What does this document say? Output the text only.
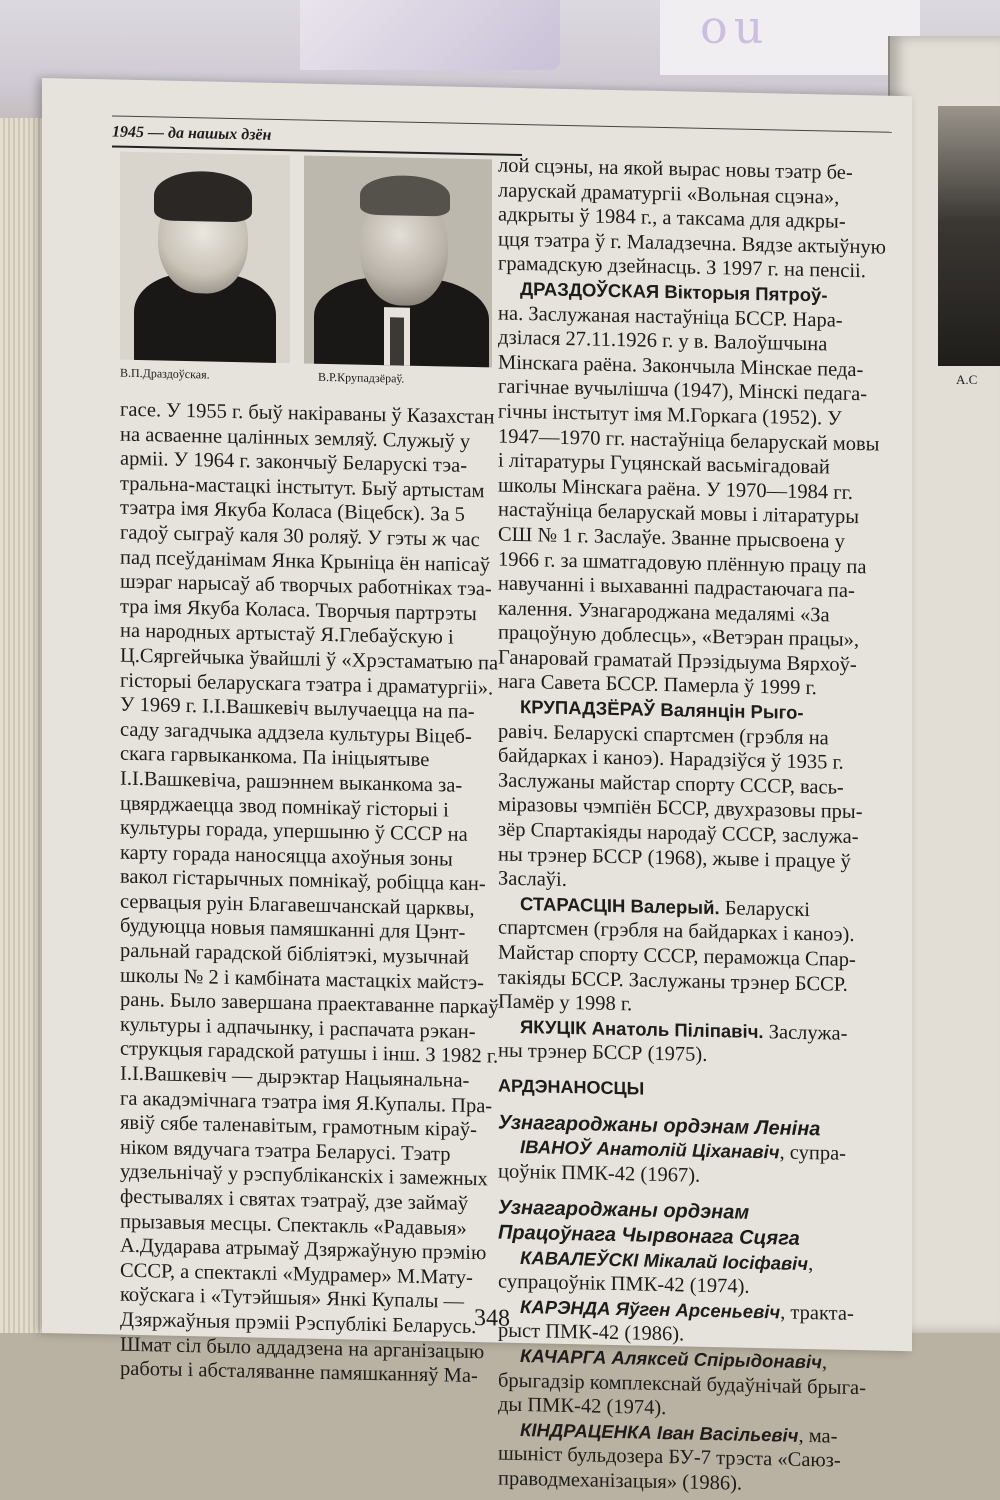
ou
А.С
1945 — да нашых дзён
В.П.Драздоўская.	В.Р.Крупадзёраў.

гасе. У 1955 г. быў накіраваны ў Казахстан

на асваенне цалінных земляў. Служыў у

арміі. У 1964 г. закончыў Беларускі тэа-

тральна-мастацкі інстытут. Быў артыстам

тэатра імя Якуба Коласа (Віцебск). За 5

гадоў сыграў каля 30 роляў. У гэты ж час

пад псеўданімам Янка Крыніца ён напісаў

шэраг нарысаў аб творчых работніках тэа-

тра імя Якуба Коласа. Творчыя партрэты

на народных артыстаў Я.Глебаўскую і

Ц.Сяргейчыка ўвайшлі ў «Хрэстаматыю па

гісторыі беларускага тэатра і драматургіі».

У 1969 г. І.І.Вашкевіч вылучаецца на па-

саду загадчыка аддзела культуры Віцеб-

скага гарвыканкома. Па ініцыятыве

І.І.Вашкевіча, рашэннем выканкома за-

цвярджаецца звод помнікаў гісторыі і

культуры горада, упершыню ў СССР на

карту горада наносяцца ахоўныя зоны

вакол гістарычных помнікаў, робіцца кан-

сервацыя руін Благавешчанскай царквы,

будуюцца новыя памяшканні для Цэнт-

ральнай гарадской бібліятэкі, музычнай

школы № 2 і камбіната мастацкіх майстэ-

рань. Было завершана праектаванне паркаў

культуры і адпачынку, і распачата рэкан-

струкцыя гарадской ратушы і інш. З 1982 г.

І.І.Вашкевіч — дырэктар Нацыянальна-

га акадэмічнага тэатра імя Я.Купалы. Пра-

явіў сябе таленавітым, грамотным кіраў-

ніком вядучага тэатра Беларусі. Тэатр

удзельнічаў у рэспубліканскіх і замежных

фестывалях і святах тэатраў, дзе займаў

прызавыя месцы. Спектакль «Радавыя»

А.Дударава атрымаў Дзяржаўную прэмію

СССР, а спектаклі «Мудрамер» М.Мату-

коўскага і «Тутэйшыя» Янкі Купалы —

Дзяржаўныя прэміі Рэспублікі Беларусь.

Шмат сіл было аддадзена на арганізацыю

работы і абсталяванне памяшканняў Ма-

лой сцэны, на якой вырас новы тэатр бе-

ларускай драматургіі «Вольная сцэна»,

адкрыты ў 1984 г., а такcама для адкры-

цця тэатра ў г. Маладзечна. Вядзе актыўную

грамадскую дзейнасць. З 1997 г. на пенсіі.

ДРАЗДОЎСКАЯ Вікторыя Пятроў-

на. Заслужаная настаўніца БССР. Нара-

дзілася 27.11.1926 г. у в. Валоўшчына

Мінскага раёна. Закончыла Мінскае педа-

гагічнае вучылішча (1947), Мінскі педага-

гічны інстытут імя М.Горкага (1952). У

1947—1970 гг. настаўніца беларускай мовы

і літаратуры Гуцянскай васьмігадовай

школы Мінскага раёна. У 1970—1984 гг.

настаўніца беларускай мовы і літаратуры

СШ № 1 г. Заслаўе. Званне прысвоена у

1966 г. за шматгадовую плённую працу па

навучанні і выхаванні падрастаючага па-

калення. Узнагароджана медалямі «За

працоўную доблесць», «Ветэран працы»,

Ганаровай граматай Прэзідыума Вярхоў-

нага Савета БССР. Памерла ў 1999 г.

КРУПАДЗЁРАЎ Валянцін Рыго-

равіч. Беларускі спартсмен (грэбля на

байдарках і каноэ). Нарадзіўся ў 1935 г.

Заслужаны майстар спорту СССР, вась-

міразовы чэмпіён БССР, двухразовы пры-

зёр Спартакіяды народаў СССР, заслужа-

ны трэнер БССР (1968), жыве і працуе ў

Заслаўі.

СТАРАСЦІН Валерый. Беларускі

спартсмен (грэбля на байдарках і каноэ).

Майстар спорту СССР, пераможца Спар-

такіяды БССР. Заслужаны трэнер БССР.

Памёр у 1998 г.

ЯКУЦІК Анатоль Піліпавіч. Заслужа-

ны трэнер БССР (1975).

АРДЭНАНОСЦЫ

Узнагароджаны ордэнам Леніна

ІВАНОЎ Анатолій Ціханавіч, супра-

цоўнік ПМК-42 (1967).

Узнагароджаны ордэнам

Працоўнага Чырвонага Сцяга

КАВАЛЕЎСКІ Мікалай Іосіфавіч,

супрацоўнік ПМК-42 (1974).

КАРЭНДА Яўген Арсеньевіч, тракта-

рыст ПМК-42 (1986).

КАЧАРГА Аляксей Спірыдонавіч,

брыгадзір комплекснай будаўнічай брыга-

ды ПМК-42 (1974).

КІНДРАЦЕНКА Іван Васільевіч, ма-

шыніст бульдозера БУ-7 трэста «Саюз-

праводмеханізацыя» (1986).

348
